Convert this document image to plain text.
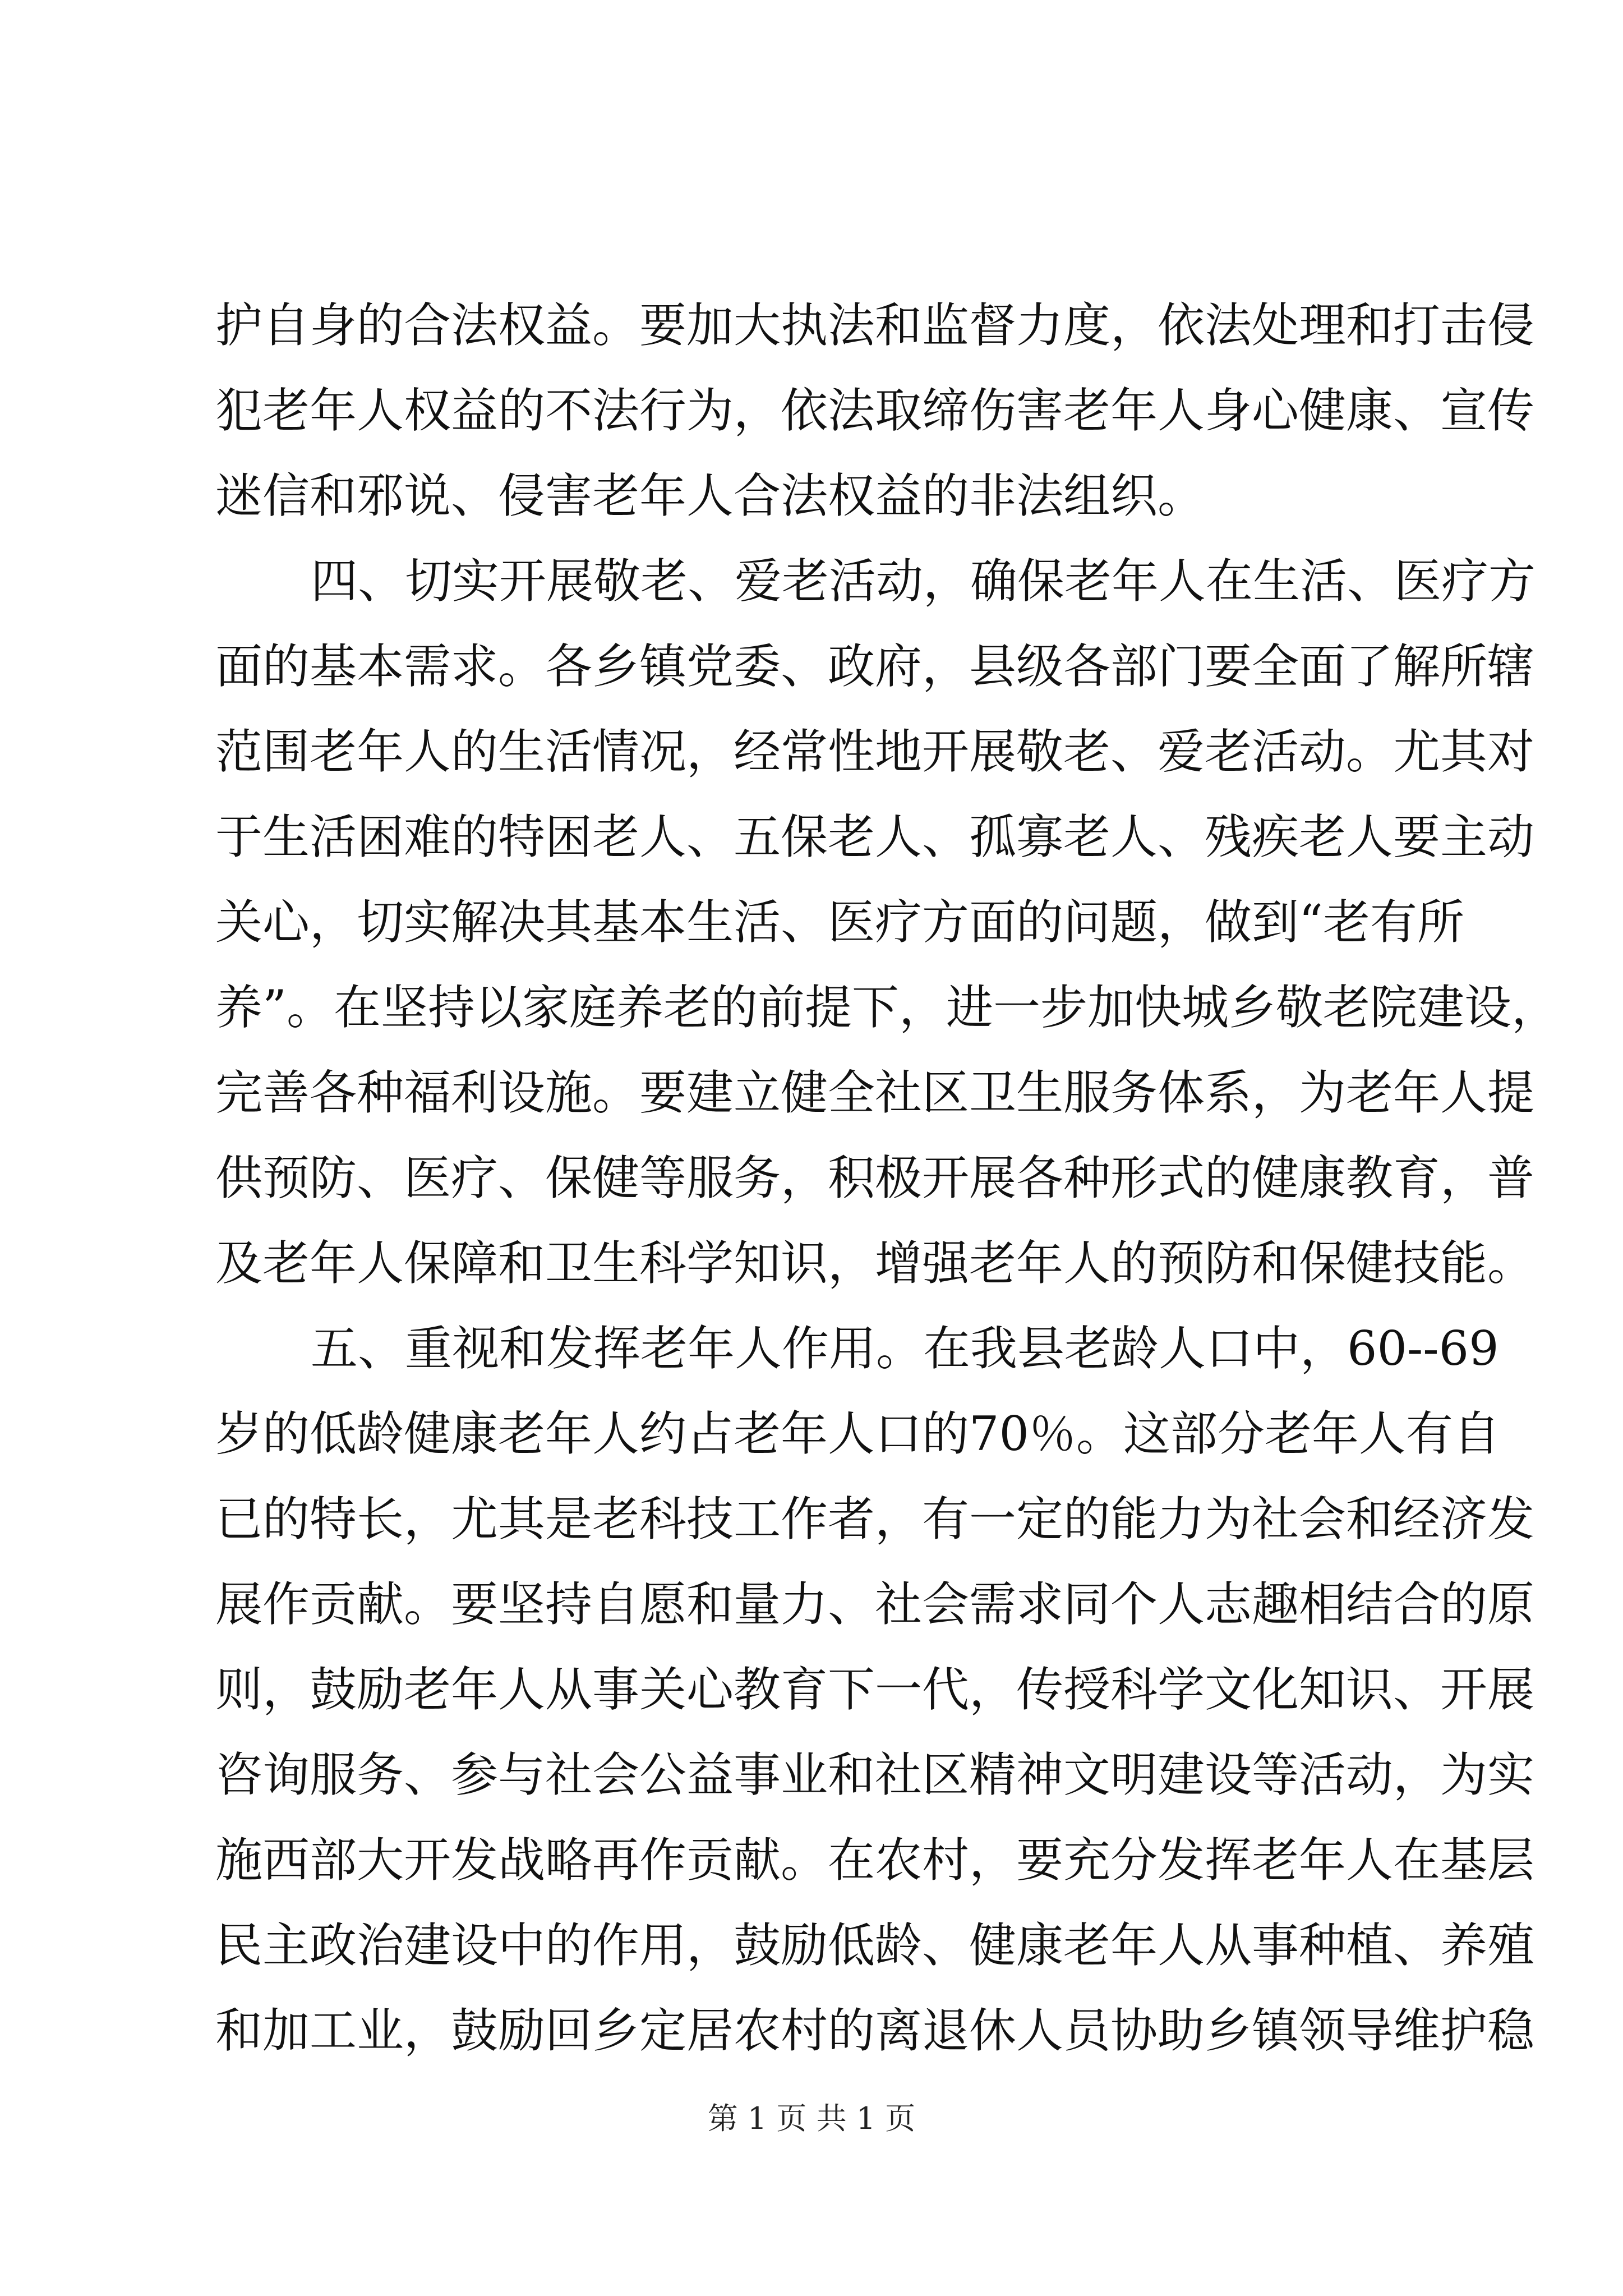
护自身的合法权益。要加大执法和监督力度，依法处理和打击侵
犯老年人权益的不法行为，依法取缔伤害老年人身心健康、宣传
迷信和邪说、侵害老年人合法权益的非法组织。
四、切实开展敬老、爱老活动，确保老年人在生活、医疗方
面的基本需求。各乡镇党委、政府，县级各部门要全面了解所辖
范围老年人的生活情况，经常性地开展敬老、爱老活动。尤其对
于生活困难的特困老人、五保老人、孤寡老人、残疾老人要主动
关心，切实解决其基本生活、医疗方面的问题，做到“老有所
养”。在坚持以家庭养老的前提下，进一步加快城乡敬老院建设，
完善各种福利设施。要建立健全社区卫生服务体系，为老年人提
供预防、医疗、保健等服务，积极开展各种形式的健康教育，普
及老年人保障和卫生科学知识，增强老年人的预防和保健技能。
五、重视和发挥老年人作用。在我县老龄人口中，60--69
岁的低龄健康老年人约占老年人口的70％。这部分老年人有自
已的特长，尤其是老科技工作者，有一定的能力为社会和经济发
展作贡献。要坚持自愿和量力、社会需求同个人志趣相结合的原
则，鼓励老年人从事关心教育下一代，传授科学文化知识、开展
咨询服务、参与社会公益事业和社区精神文明建设等活动，为实
施西部大开发战略再作贡献。在农村，要充分发挥老年人在基层
民主政治建设中的作用，鼓励低龄、健康老年人从事种植、养殖
和加工业，鼓励回乡定居农村的离退休人员协助乡镇领导维护稳
第 1 页 共 1 页
